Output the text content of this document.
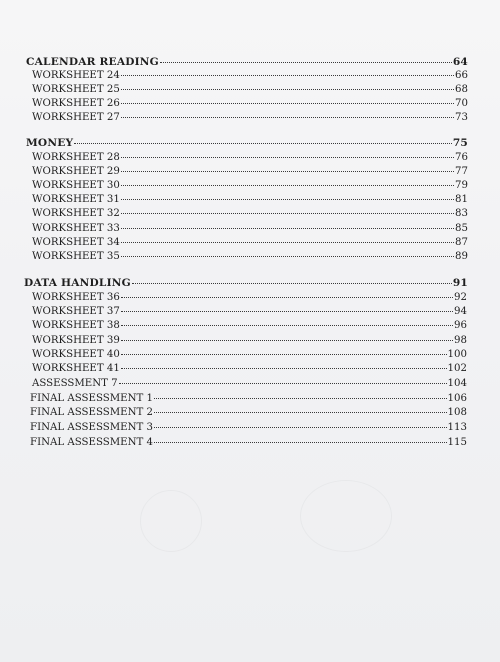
CALENDAR READING	64
WORKSHEET 24	66
WORKSHEET 25	68
WORKSHEET 26	70
WORKSHEET 27	73
MONEY	75
WORKSHEET 28	76
WORKSHEET 29	77
WORKSHEET 30	79
WORKSHEET 31	81
WORKSHEET 32	83
WORKSHEET 33	85
WORKSHEET 34	87
WORKSHEET 35	89
DATA HANDLING	91
WORKSHEET 36	92
WORKSHEET 37	94
WORKSHEET 38	96
WORKSHEET 39	98
WORKSHEET 40	100
WORKSHEET 41	102
ASSESSMENT 7	104
FINAL ASSESSMENT 1	106
FINAL ASSESSMENT 2	108
FINAL ASSESSMENT 3	113
FINAL ASSESSMENT 4	115
